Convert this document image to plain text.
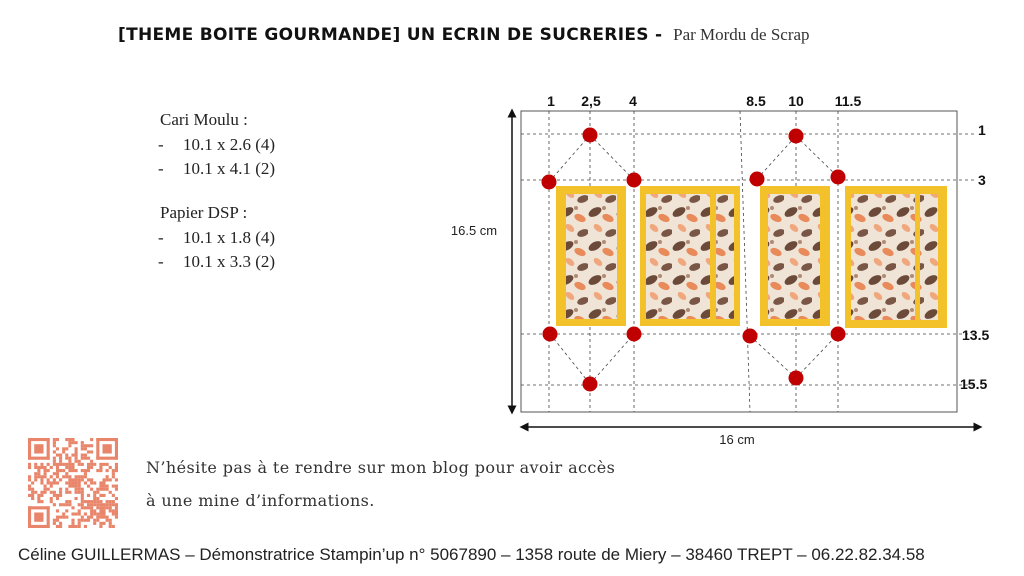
[THEME BOITE GOURMANDE] UN ECRIN DE SUCRERIES - Par Mordu de Scrap
Cari Moulu :
-	10.1 x 2.6 (4)
-	10.1 x 4.1 (2)
Papier DSP :
-	10.1 x 1.8 (4)
-	10.1 x 3.3 (2)
1 2,5 4	8.5 10 11.5
1
3
13.5
15.5
16.5 cm
16 cm
N’hésite pas à te rendre sur mon blog pour avoir accès
à une mine d’informations.
Céline GUILLERMAS – Démonstratrice Stampin’up n° 5067890 – 1358 route de Miery – 38460 TREPT – 06.22.82.34.58
